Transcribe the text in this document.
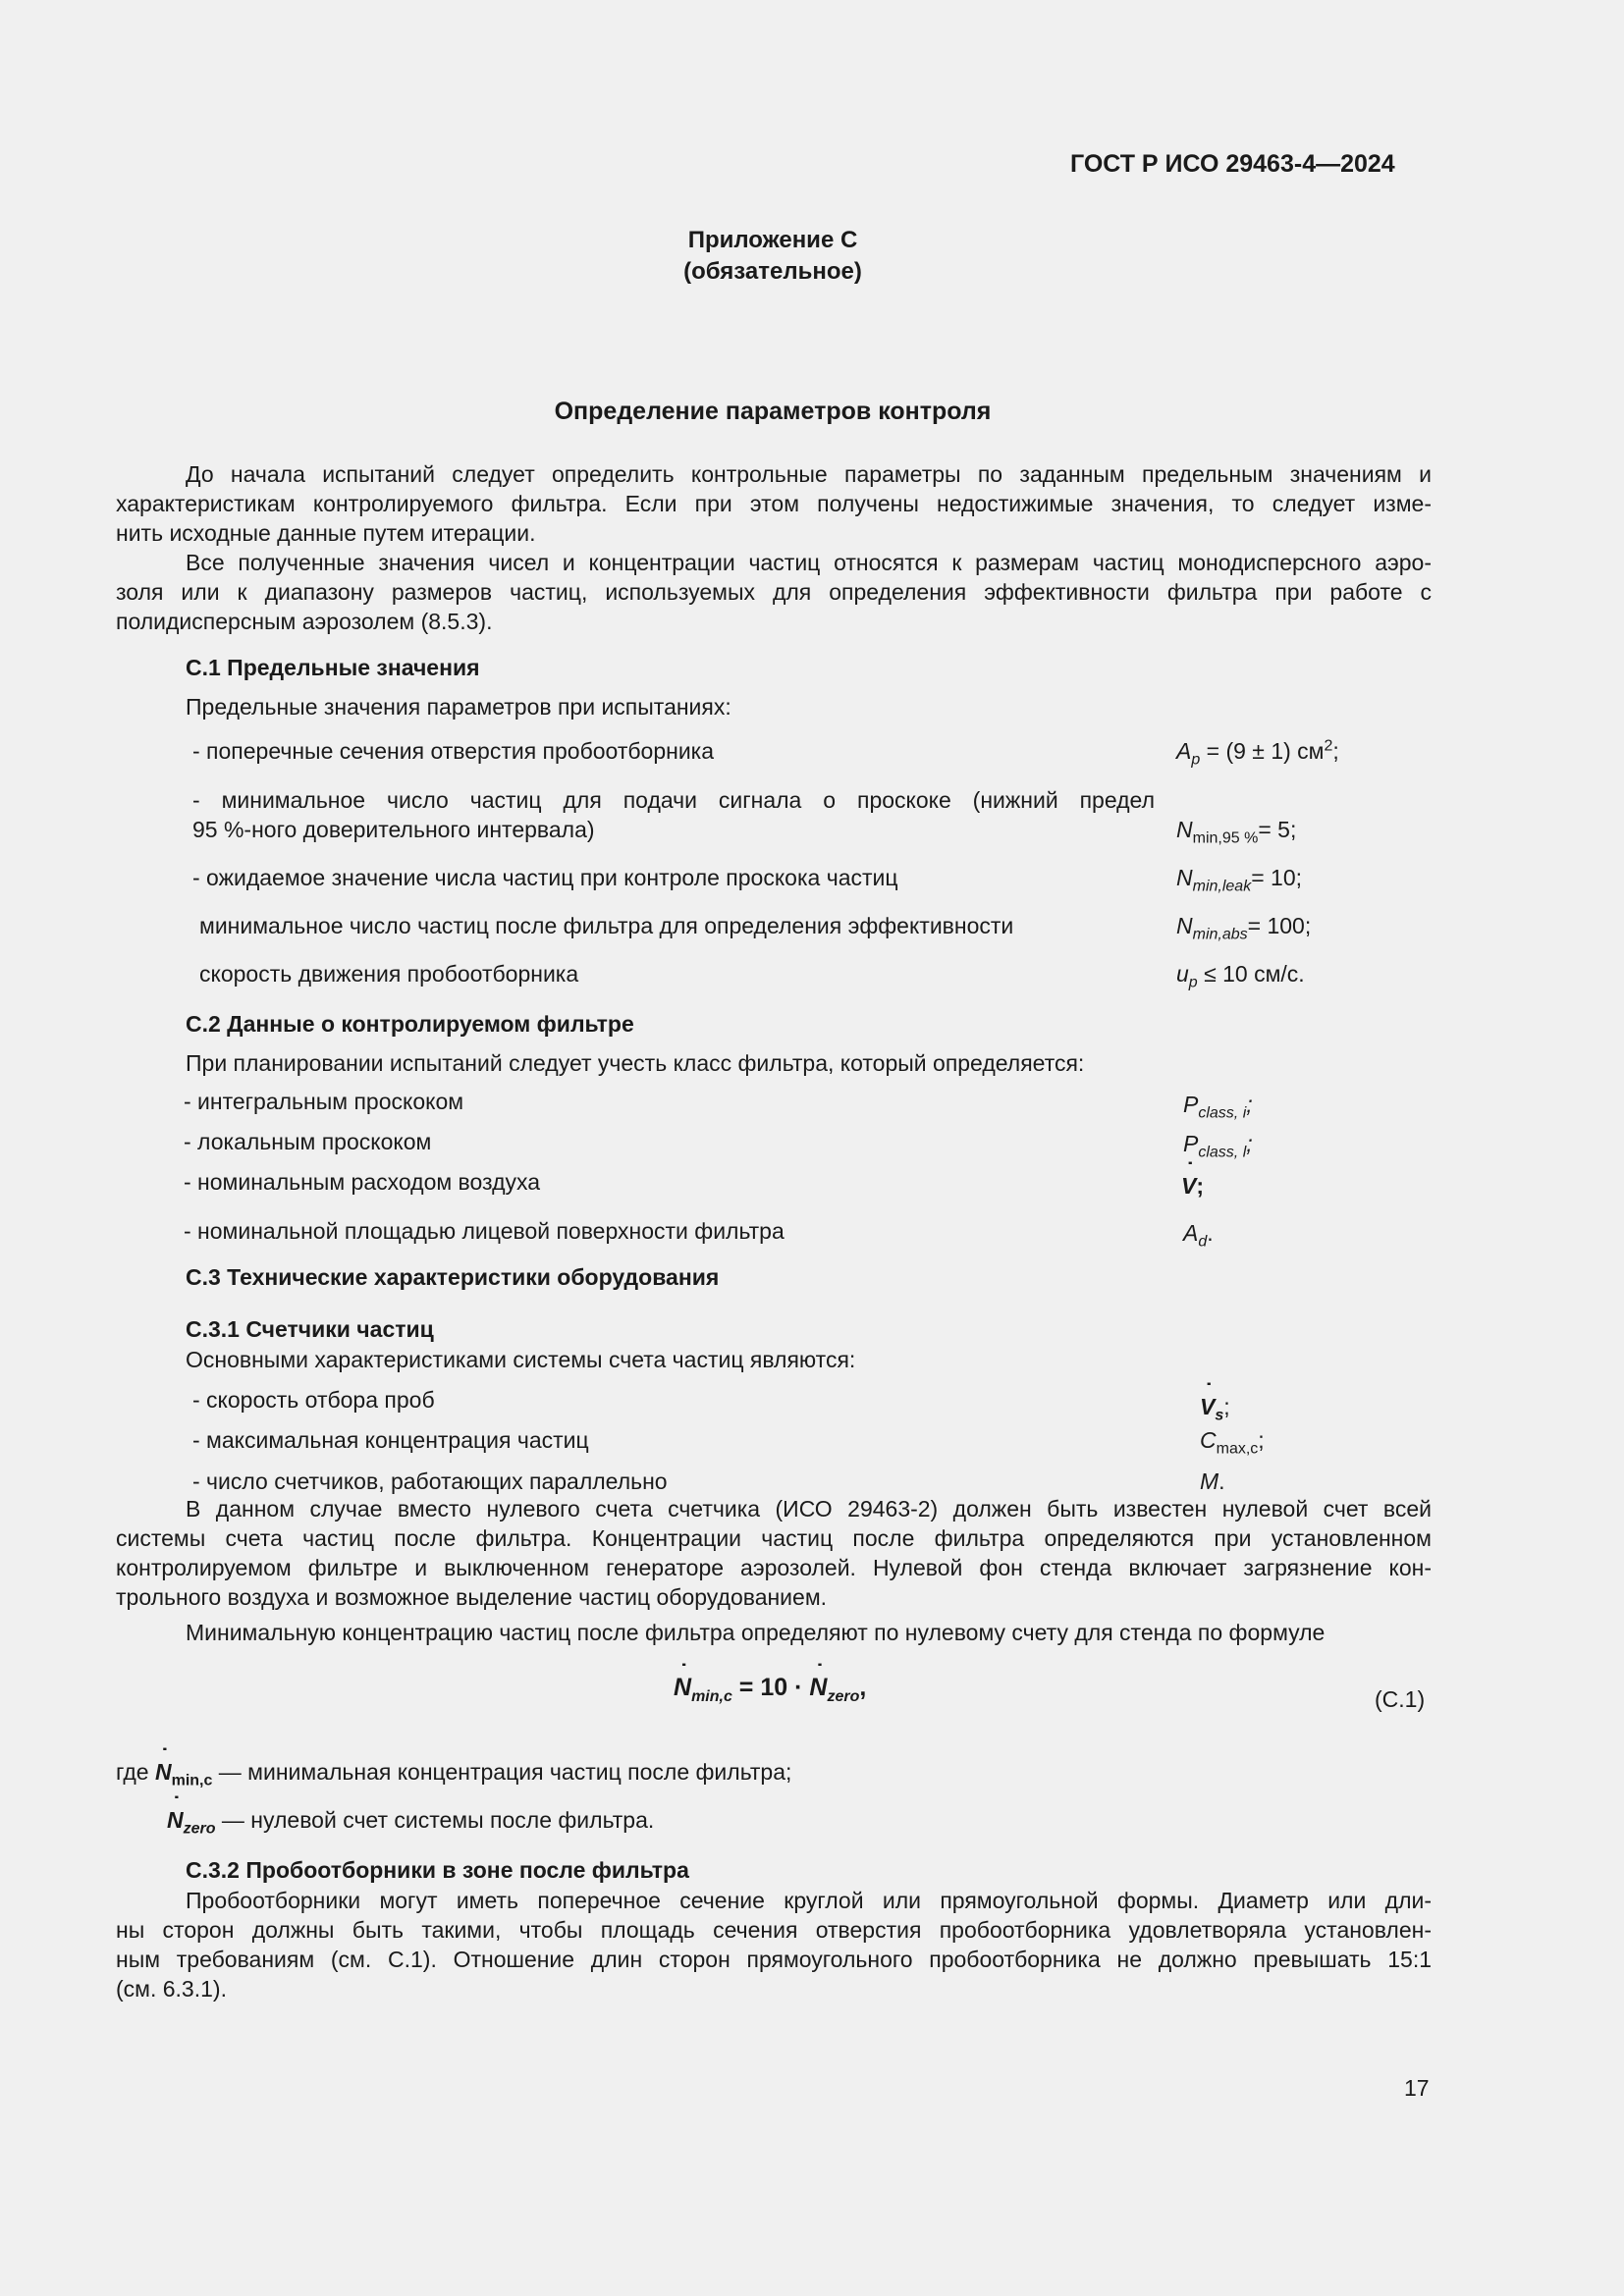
ГОСТ Р ИСО 29463-4—2024
Приложение С
(обязательное)
Определение параметров контроля
До начала испытаний следует определить контрольные параметры по заданным предельным значениям и
характеристикам контролируемого фильтра. Если при этом получены недостижимые значения, то следует изме-
нить исходные данные путем итерации.
Все полученные значения чисел и концентрации частиц относятся к размерам частиц монодисперсного аэро-
золя или к диапазону размеров частиц, используемых для определения эффективности фильтра при работе с
полидисперсным аэрозолем (8.5.3).
С.1 Предельные значения
Предельные значения параметров при испытаниях:
- поперечные сечения отверстия пробоотборника	$A_p = (9 \pm 1)$ $см^2$;
- минимальное число частиц для подачи сигнала о проскоке (нижний предел
95 %-ного доверительного интервала)	$N_{min,95 \%}= 5$;
- ожидаемое значение числа частиц при контроле проскока частиц	$N_{min,leak}= 10$;
минимальное число частиц после фильтра для определения эффективности	$N_{min,abs}= 100$;
скорость движения пробоотборника	$u_p \le 10$ см/с.
С.2 Данные о контролируемом фильтре
При планировании испытаний следует учесть класс фильтра, который определяется:
- интегральным проскоком	$P_{class, i}$;
- локальным проскоком	$P_{class, l}$;
- номинальным расходом воздуха	˙ V;
- номинальной площадью лицевой поверхности фильтра	$A_d$.
С.3 Технические характеристики оборудования
С.3.1 Счетчики частиц
Основными характеристиками системы счета частиц являются:
- скорость отбора проб	˙ $V_s$;
- максимальная концентрация частиц	$C_{max,c}$;
- число счетчиков, работающих параллельно	M.
В данном случае вместо нулевого счета счетчика (ИСО 29463-2) должен быть известен нулевой счет всей
системы счета частиц после фильтра. Концентрации частиц после фильтра определяются при установленном
контролируемом фильтре и выключенном генераторе аэрозолей. Нулевой фон стенда включает загрязнение кон-
трольного воздуха и возможное выделение частиц оборудованием.
Минимальную концентрацию частиц после фильтра определяют по нулевому счету для стенда по формуле
˙ $N_{min,c} = 10$ · ˙ $N_{zero}$,	(С.1)
где ˙ $N_{min,c}$ — минимальная концентрация частиц после фильтра;
˙ $N_{zero}$ — нулевой счет системы после фильтра.
С.3.2 Пробоотборники в зоне после фильтра
Пробоотборники могут иметь поперечное сечение круглой или прямоугольной формы. Диаметр или дли-
ны сторон должны быть такими, чтобы площадь сечения отверстия пробоотборника удовлетворяла установлен-
ным требованиям (см. С.1). Отношение длин сторон прямоугольного пробоотборника не должно превышать 15:1
(см. 6.3.1).
17
